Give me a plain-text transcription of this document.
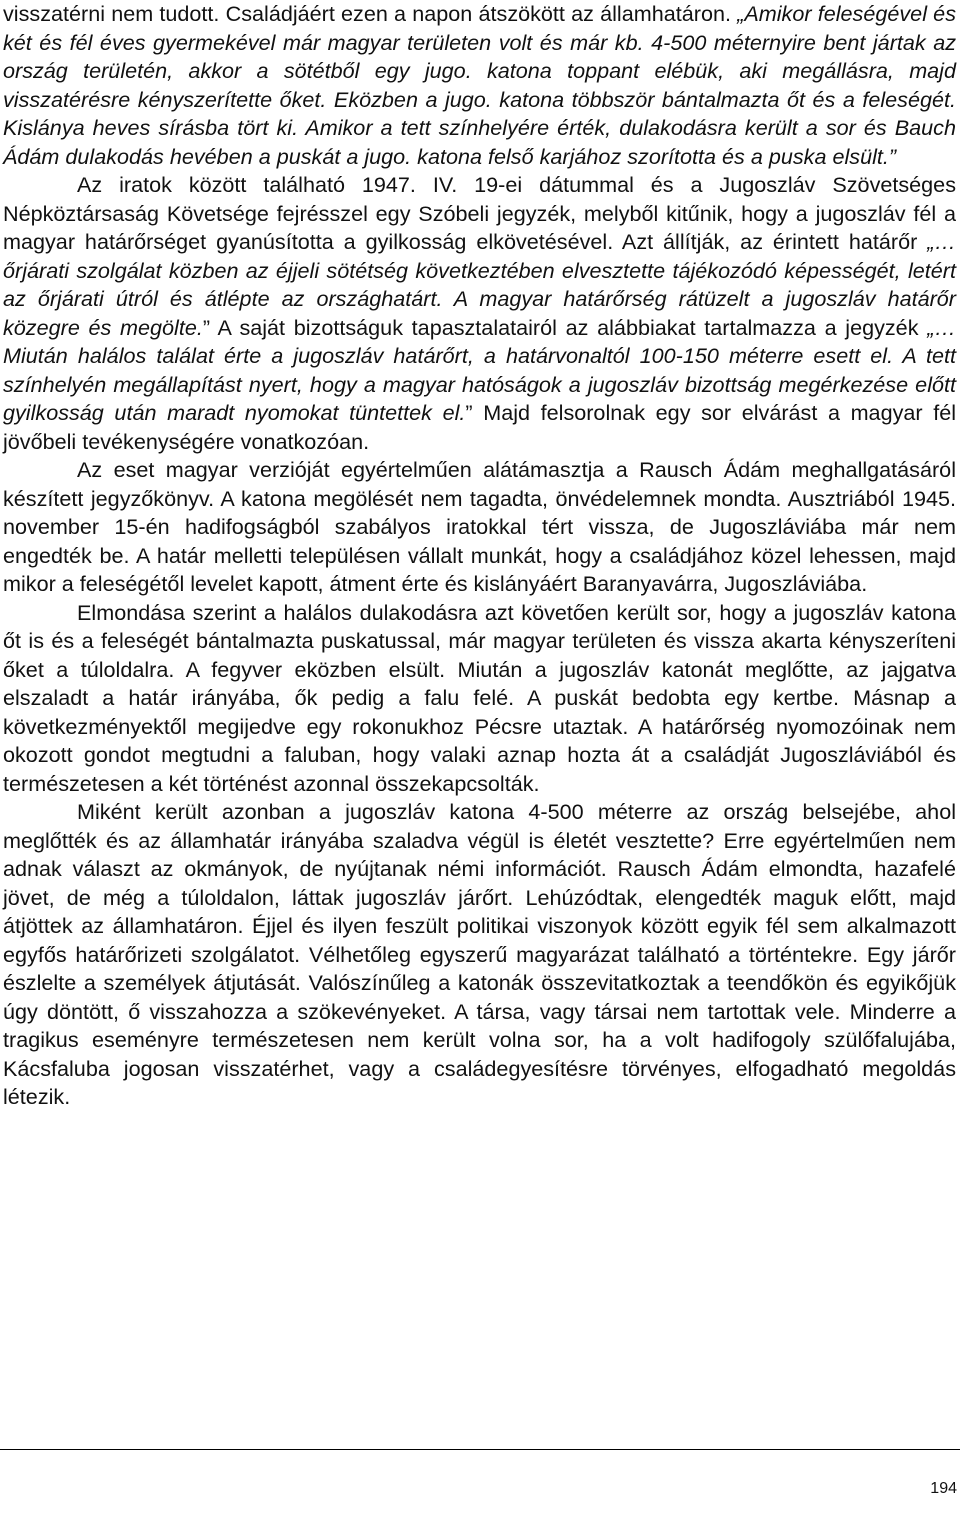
visszatérni nem tudott. Családjáért ezen a napon átszökött az államhatáron. „Amikor feleségével és két és fél éves gyermekével már magyar területen volt és már kb. 4-500 méternyire bent jártak az ország területén, akkor a sötétből egy jugo. katona toppant elébük, aki megállásra, majd visszatérésre kényszerítette őket. Eközben a jugo. katona többször bántalmazta őt és a feleségét. Kislánya heves sírásba tört ki. Amikor a tett színhelyére érték, dulakodásra került a sor és Bauch Ádám dulakodás hevében a puskát a jugo. katona felső karjához szorította és a puska elsült.”

Az iratok között található 1947. IV. 19-ei dátummal és a Jugoszláv Szövetséges Népköztársaság Követsége fejrésszel egy Szóbeli jegyzék, melyből kitűnik, hogy a jugoszláv fél a magyar határőrséget gyanúsította a gyilkosság elkövetésével. Azt állítják, az érintett határőr „… őrjárati szolgálat közben az éjjeli sötétség következtében elvesztette tájékozódó képességét, letért az őrjárati útról és átlépte az országhatárt. A magyar határőrség rátüzelt a jugoszláv határőr közegre és megölte.” A saját bizottságuk tapasztalatairól az alábbiakat tartalmazza a jegyzék „… Miután halálos találat érte a jugoszláv határőrt, a határvonaltól 100-150 méterre esett el. A tett színhelyén megállapítást nyert, hogy a magyar hatóságok a jugoszláv bizottság megérkezése előtt gyilkosság után maradt nyomokat tüntettek el.” Majd felsorolnak egy sor elvárást a magyar fél jövőbeli tevékenységére vonatkozóan.

Az eset magyar verzióját egyértelműen alátámasztja a Rausch Ádám meghallgatásáról készített jegyzőkönyv. A katona megölését nem tagadta, önvédelemnek mondta. Ausztriából 1945. november 15-én hadifogságból szabályos iratokkal tért vissza, de Jugoszláviába már nem engedték be. A határ melletti településen vállalt munkát, hogy a családjához közel lehessen, majd mikor a feleségétől levelet kapott, átment érte és kislányáért Baranyavárra, Jugoszláviába.

Elmondása szerint a halálos dulakodásra azt követően került sor, hogy a jugoszláv katona őt is és a feleségét bántalmazta puskatussal, már magyar területen és vissza akarta kényszeríteni őket a túloldalra. A fegyver eközben elsült. Miután a jugoszláv katonát meglőtte, az jajgatva elszaladt a határ irányába, ők pedig a falu felé. A puskát bedobta egy kertbe. Másnap a következményektől megijedve egy rokonukhoz Pécsre utaztak. A határőrség nyomozóinak nem okozott gondot megtudni a faluban, hogy valaki aznap hozta át a családját Jugoszláviából és természetesen a két történést azonnal összekapcsolták.

Miként került azonban a jugoszláv katona 4-500 méterre az ország belsejébe, ahol meglőtték és az államhatár irányába szaladva végül is életét vesztette? Erre egyértelműen nem adnak választ az okmányok, de nyújtanak némi információt. Rausch Ádám elmondta, hazafelé jövet, de még a túloldalon, láttak jugoszláv járőrt. Lehúzódtak, elengedték maguk előtt, majd átjöttek az államhatáron. Éjjel és ilyen feszült politikai viszonyok között egyik fél sem alkalmazott egyfős határőrizeti szolgálatot. Vélhetőleg egyszerű magyarázat található a történtekre. Egy járőr észlelte a személyek átjutását. Valószínűleg a katonák összevitatkoztak a teendőkön és egyikőjük úgy döntött, ő visszahozza a szökevényeket. A társa, vagy társai nem tartottak vele. Minderre a tragikus eseményre természetesen nem került volna sor, ha a volt hadifogoly szülőfalujába, Kácsfaluba jogosan visszatérhet, vagy a családegyesítésre törvényes, elfogadható megoldás létezik.

194
